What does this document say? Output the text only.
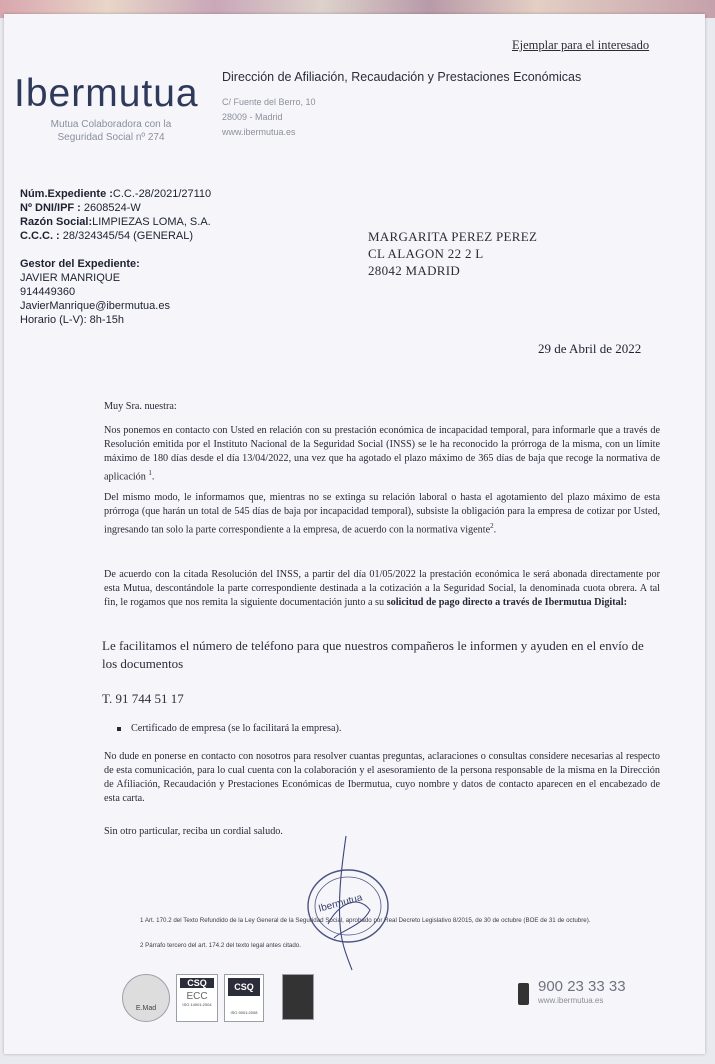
Ejemplar para el interesado
Ibermutua
Mutua Colaboradora con la
Seguridad Social nº 274
Dirección de Afiliación, Recaudación y Prestaciones Económicas
C/ Fuente del Berro, 10
28009 - Madrid
www.ibermutua.es
Núm.Expediente :C.C.-28/2021/27110
Nº DNI/IPF : 2608524-W
Razón Social:LIMPIEZAS LOMA, S.A.
C.C.C. : 28/324345/54 (GENERAL)
Gestor del Expediente:
JAVIER MANRIQUE
914449360
JavierManrique@ibermutua.es
Horario (L-V): 8h-15h
MARGARITA PEREZ PEREZ
CL ALAGON 22 2 L
28042 MADRID
29 de Abril de 2022
Muy Sra. nuestra:
Nos ponemos en contacto con Usted en relación con su prestación económica de incapacidad temporal, para informarle que a través de Resolución emitida por el Instituto Nacional de la Seguridad Social (INSS) se le ha reconocido la prórroga de la misma, con un límite máximo de 180 días desde el día 13/04/2022, una vez que ha agotado el plazo máximo de 365 días de baja que recoge la normativa de aplicación $^1$.
Del mismo modo, le informamos que, mientras no se extinga su relación laboral o hasta el agotamiento del plazo máximo de esta prórroga (que harán un total de 545 días de baja por incapacidad temporal), subsiste la obligación para la empresa de cotizar por Usted, ingresando tan solo la parte correspondiente a la empresa, de acuerdo con la normativa vigente$^2$.
De acuerdo con la citada Resolución del INSS, a partir del día 01/05/2022 la prestación económica le será abonada directamente por esta Mutua, descontándole la parte correspondiente destinada a la cotización a la Seguridad Social, la denominada cuota obrera. A tal fin, le rogamos que nos remita la siguiente documentación junto a su solicitud de pago directo a través de Ibermutua Digital:
Le facilitamos el número de teléfono para que nuestros compañeros le informen y ayuden en el envío de los documentos
T. 91 744 51 17
Certificado de empresa (se lo facilitará la empresa).
No dude en ponerse en contacto con nosotros para resolver cuantas preguntas, aclaraciones o consultas considere necesarias al respecto de esta comunicación, para lo cual cuenta con la colaboración y el asesoramiento de la persona responsable de la misma en la Dirección de Afiliación, Recaudación y Prestaciones Económicas de Ibermutua, cuyo nombre y datos de contacto aparecen en el encabezado de esta carta.
Sin otro particular, reciba un cordial saludo.
Ibermutua
1 Art. 170.2 del Texto Refundido de la Ley General de la Seguridad Social, aprobado por Real Decreto Legislativo 8/2015, de 30 de octubre (BOE de 31 de octubre).
2 Párrafo tercero del art. 174.2 del texto legal antes citado.
E.Mad
CSQ
ECC
ISO 14001:2004
CSQ
ISO 9001:2008
900 23 33 33
www.ibermutua.es
